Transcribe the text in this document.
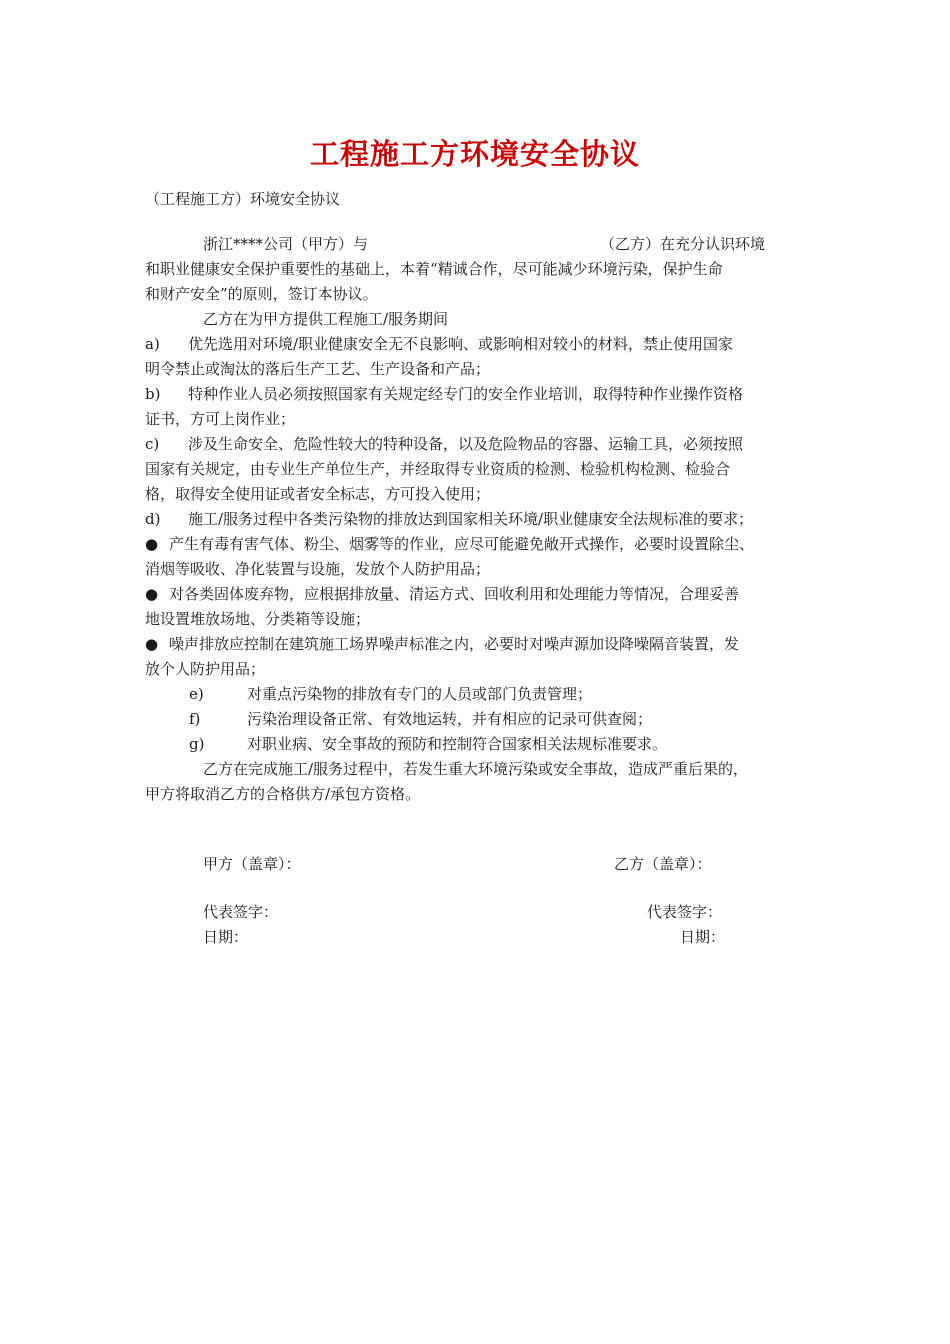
工程施工方环境安全协议
（工程施工方）环境安全协议
浙江****公司（甲方）与	（乙方）在充分认识环境
和职业健康安全保护重要性的基础上，本着“精诚合作，尽可能减少环境污染，保护生命
和财产安全”的原则，签订本协议。
乙方在为甲方提供工程施工/服务期间
a)	优先选用对环境/职业健康安全无不良影响、或影响相对较小的材料，禁止使用国家
明令禁止或淘汰的落后生产工艺、生产设备和产品；
b)	特种作业人员必须按照国家有关规定经专门的安全作业培训，取得特种作业操作资格
证书，方可上岗作业；
c)	涉及生命安全、危险性较大的特种设备，以及危险物品的容器、运输工具，必须按照
国家有关规定，由专业生产单位生产，并经取得专业资质的检测、检验机构检测、检验合
格，取得安全使用证或者安全标志，方可投入使用；
d)	施工/服务过程中各类污染物的排放达到国家相关环境/职业健康安全法规标准的要求；
● 产生有毒有害气体、粉尘、烟雾等的作业，应尽可能避免敞开式操作，必要时设置除尘、
消烟等吸收、净化装置与设施，发放个人防护用品；
● 对各类固体废弃物，应根据排放量、清运方式、回收利用和处理能力等情况，合理妥善
地设置堆放场地、分类箱等设施；
● 噪声排放应控制在建筑施工场界噪声标准之内，必要时对噪声源加设降噪隔音装置，发
放个人防护用品；
e)	对重点污染物的排放有专门的人员或部门负责管理；
f)	污染治理设备正常、有效地运转，并有相应的记录可供查阅；
g)	对职业病、安全事故的预防和控制符合国家相关法规标准要求。
乙方在完成施工/服务过程中，若发生重大环境污染或安全事故，造成严重后果的，
甲方将取消乙方的合格供方/承包方资格。
甲方（盖章）：	乙方（盖章）：
代表签字：	代表签字：
日期：	日期：
